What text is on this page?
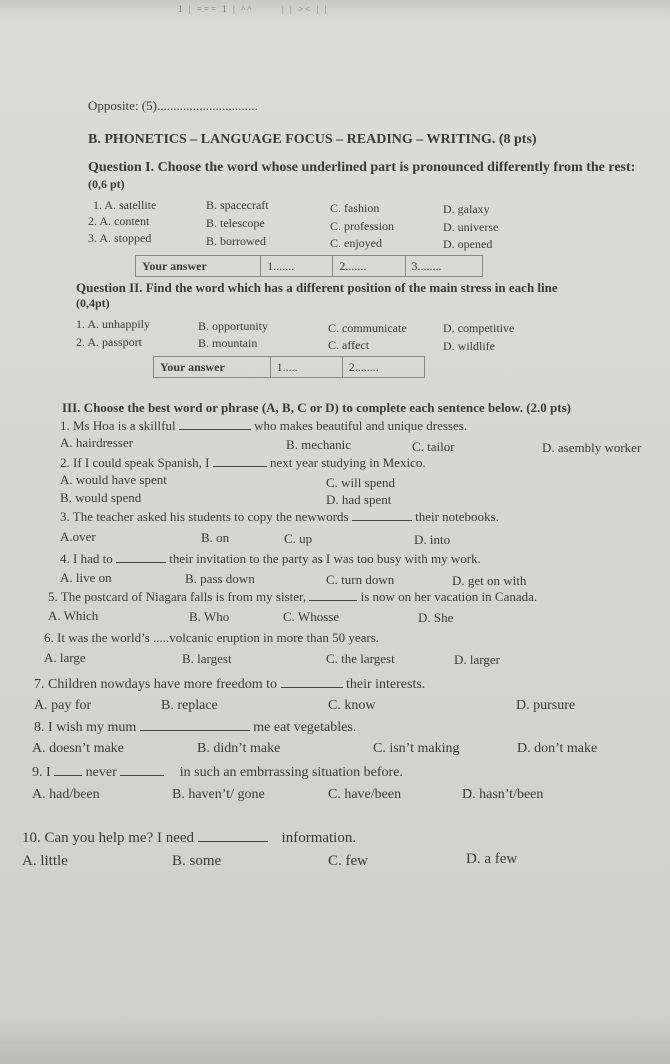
1 | === 1 | ^^	| | >< | |
Opposite: (5)...............................
B. PHONETICS – LANGUAGE FOCUS – READING – WRITING. (8 pts)
Question I. Choose the word whose underlined part is pronounced differently from the rest:
(0,6 pt)
1. A. satellite	B. spacecraft	C. fashion	D. galaxy
2. A. content	B. telescope	C. profession	D. universe
3. A. stopped	B. borrowed	C. enjoyed	D. opened
Your answer	1.......	2.......	3........
Question II. Find the word which has a different position of the main stress in each line
(0,4pt)
1. A. unhappily	B. opportunity	C. communicate	D. competitive
2. A. passport	B. mountain	C. affect	D. wildlife
Your answer	1.....	2........
III. Choose the best word or phrase (A, B, C or D) to complete each sentence below. (2.0 pts)
1. Ms Hoa is a skillful	who makes beautiful and unique dresses.
A. hairdresser	B. mechanic	C. tailor	D. asembly worker
2. If I could speak Spanish, I	next year studying in Mexico.
A. would have spent	C. will spend
B. would spend	D. had spent
3. The teacher asked his students to copy the newwords	their notebooks.
A.over	B. on	C. up	D. into
4. I had to	their invitation to the party as I was too busy with my work.
A. live on	B. pass down	C. turn down	D. get on with
5. The postcard of Niagara falls is from my sister,	is now on her vacation in Canada.
A. Which	B. Who	C. Whosse	D. She
6. It was the world’s .....volcanic eruption in more than 50 years.
A. large	B. largest	C. the largest	D. larger
7. Children nowdays have more freedom to	their interests.
A. pay for	B. replace	C. know	D. pursure
8. I wish my mum	me eat vegetables.
A. doesn’t make	B. didn’t make	C. isn’t making	D. don’t make
9. I	never	in such an embrrassing situation before.
A. had/been	B. haven’t/ gone	C. have/been	D. hasn’t/been
10. Can you help me? I need	information.
A. little	B. some	C. few	D. a few
